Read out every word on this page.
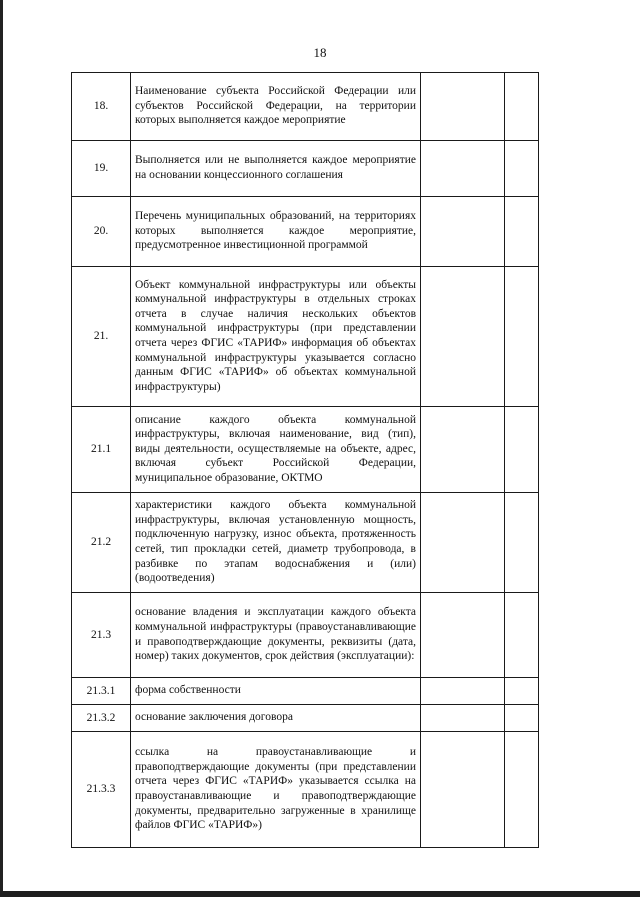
18
18.	Наименование субъекта Российской Федерации или субъектов Российской Федерации, на территории которых выполняется каждое мероприятие		

19.	Выполняется или не выполняется каждое мероприятие на основании концессионного соглашения		

20.	Перечень муниципальных образований, на территориях которых выполняется каждое мероприятие, предусмотренное инвестиционной программой		

21.	Объект коммунальной инфраструктуры или объекты коммунальной инфраструктуры в отдельных строках отчета в случае наличия нескольких объектов коммунальной инфраструктуры (при представлении отчета через ФГИС «ТАРИФ» информация об объектах коммунальной инфраструктуры указывается согласно данным ФГИС «ТАРИФ» об объектах коммунальной инфраструктуры)		

21.1	описание каждого объекта коммунальной инфраструктуры, включая наименование, вид (тип), виды деятельности, осуществляемые на объекте, адрес, включая субъект Российской Федерации, муниципальное образование, ОКТМО		

21.2	характеристики каждого объекта коммунальной инфраструктуры, включая установленную мощность, подключенную нагрузку, износ объекта, протяженность сетей, тип прокладки сетей, диаметр трубопровода, в разбивке по этапам водоснабжения и (или) (водоотведения)		

21.3	основание владения и эксплуатации каждого объекта коммунальной инфраструктуры (правоустанавливающие и правоподтверждающие документы, реквизиты (дата, номер) таких документов, срок действия (эксплуатации):		

21.3.1	форма собственности		

21.3.2	основание заключения договора		

21.3.3	ссылка на правоустанавливающие и правоподтверждающие документы (при представлении отчета через ФГИС «ТАРИФ» указывается ссылка на правоустанавливающие и правоподтверждающие документы, предварительно загруженные в хранилище файлов ФГИС «ТАРИФ»)		
